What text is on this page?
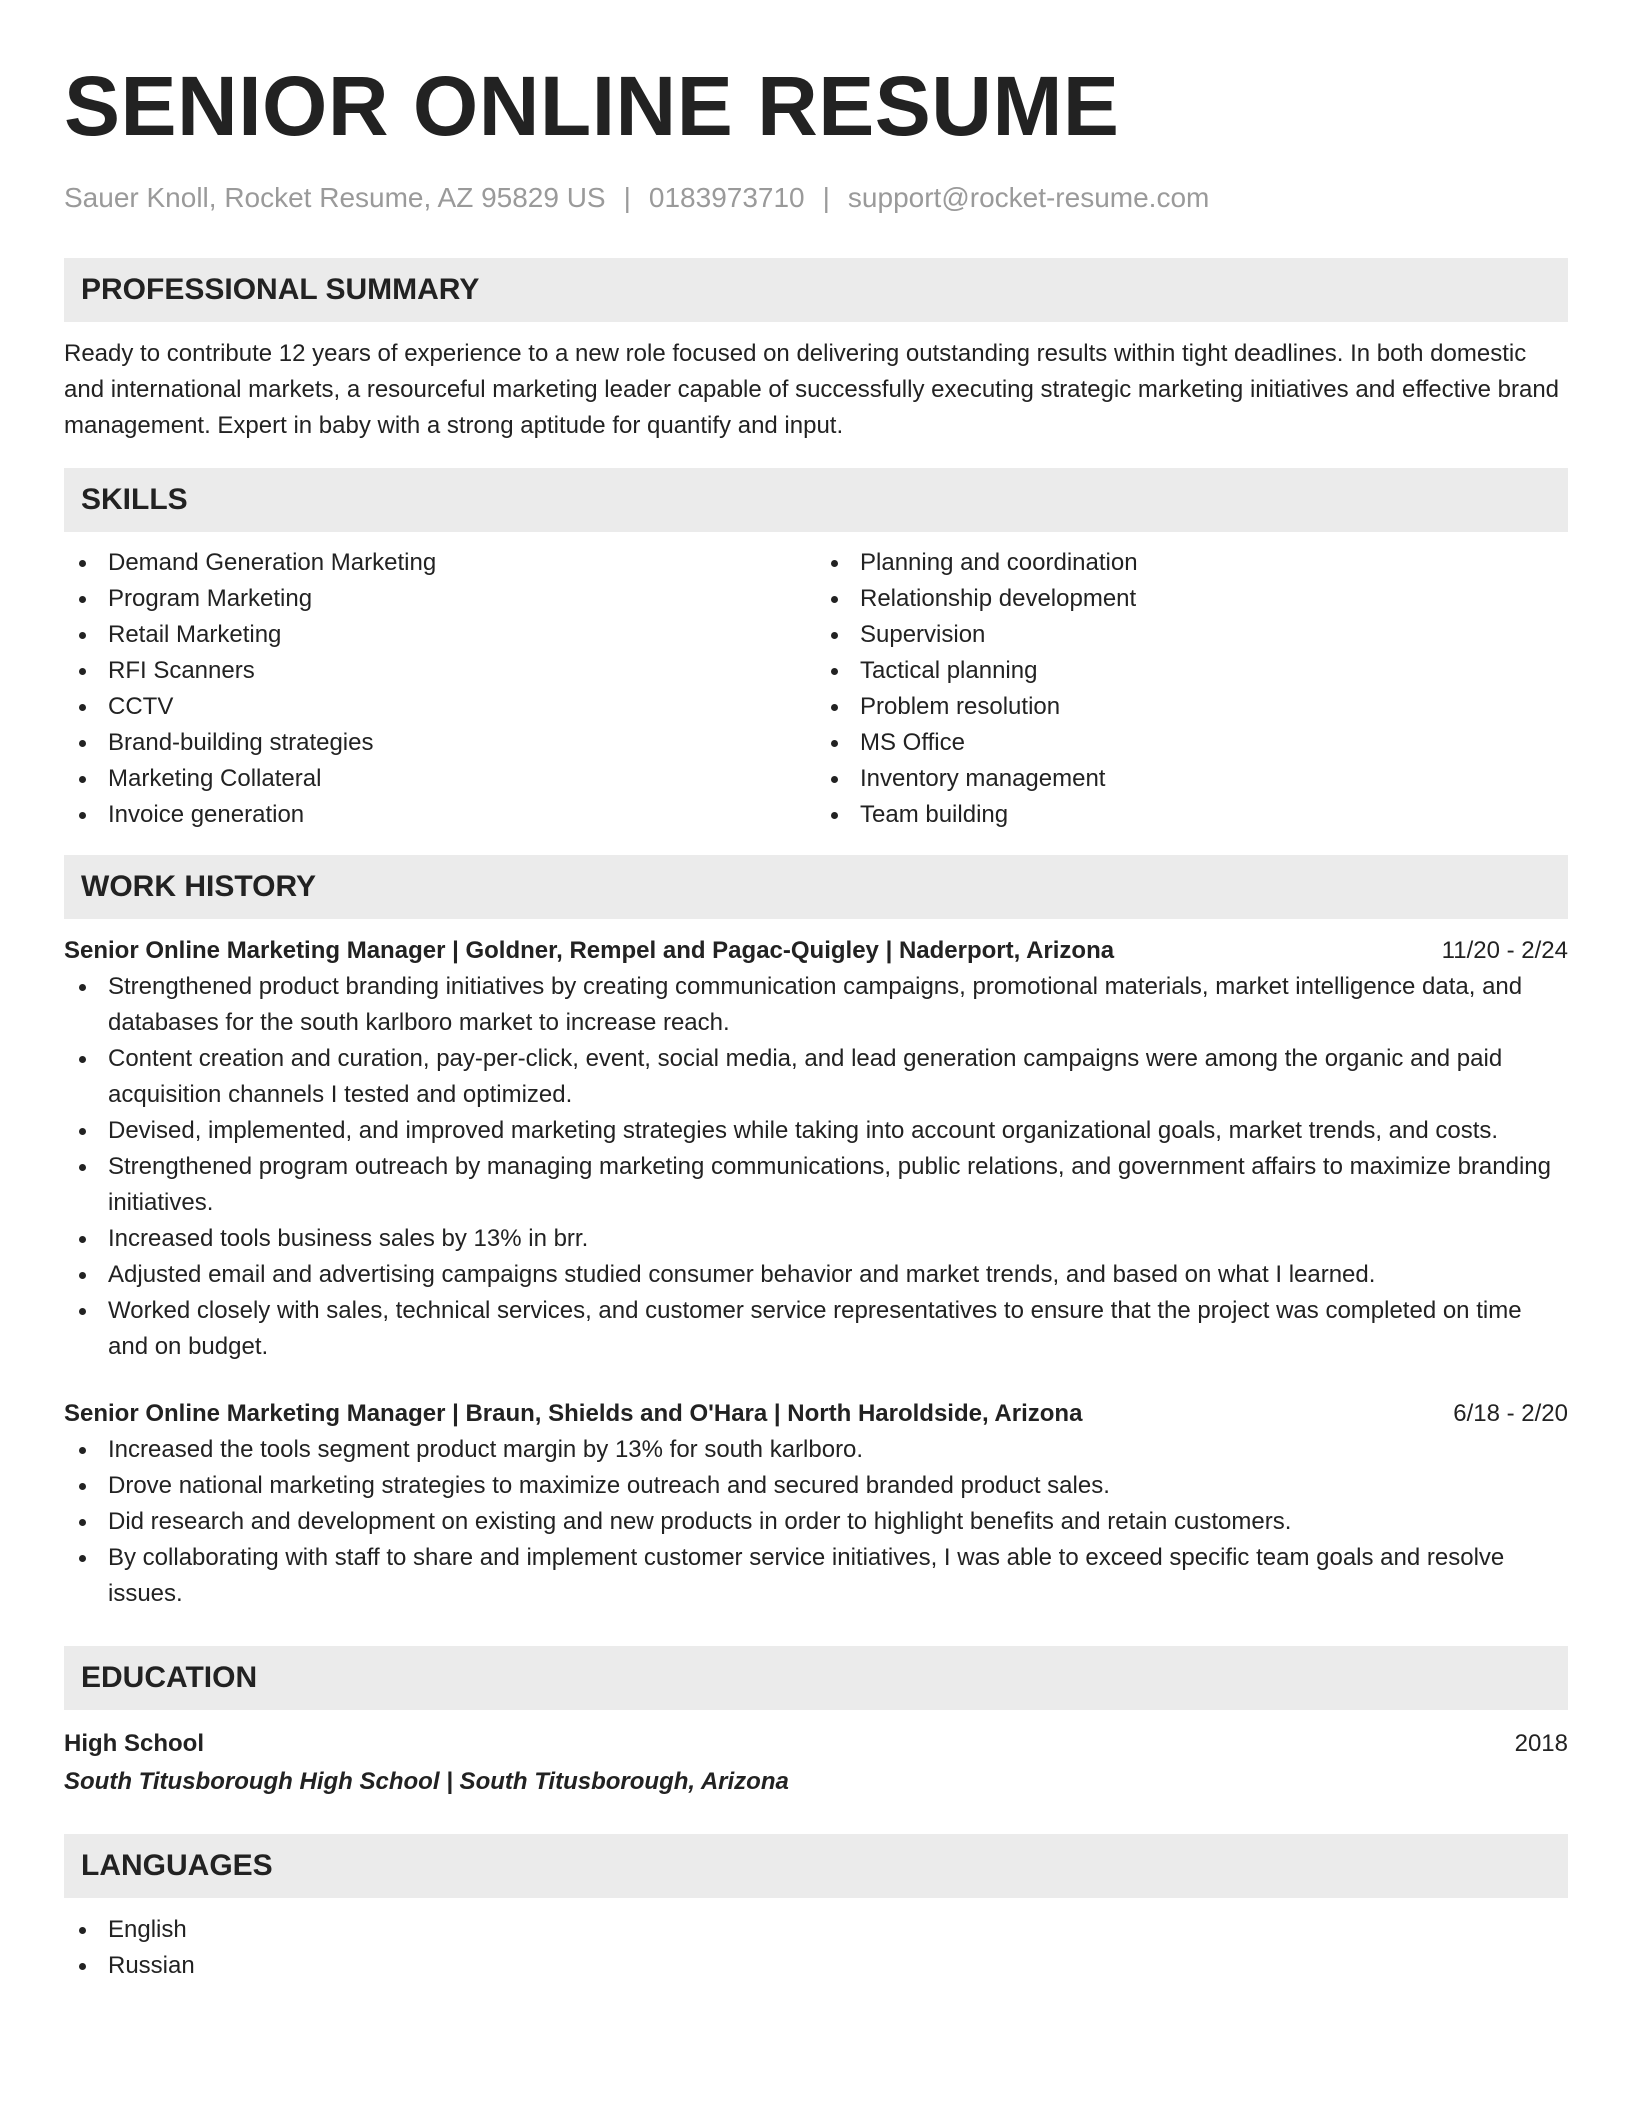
SENIOR ONLINE RESUME
Sauer Knoll, Rocket Resume, AZ 95829 US | 0183973710 | support@rocket-resume.com
PROFESSIONAL SUMMARY

Ready to contribute 12 years of experience to a new role focused on delivering outstanding results within tight deadlines. In both domestic and international markets, a resourceful marketing leader capable of successfully executing strategic marketing initiatives and effective brand management. Expert in baby with a strong aptitude for quantify and input.

SKILLS
Demand Generation Marketing
Program Marketing
Retail Marketing
RFI Scanners
CCTV
Brand-building strategies
Marketing Collateral
Invoice generation
Planning and coordination
Relationship development
Supervision
Tactical planning
Problem resolution
MS Office
Inventory management
Team building
WORK HISTORY
Senior Online Marketing Manager | Goldner, Rempel and Pagac-Quigley | Naderport, Arizona	11/20 - 2/24
Strengthened product branding initiatives by creating communication campaigns, promotional materials, market intelligence data, and databases for the south karlboro market to increase reach.
Content creation and curation, pay-per-click, event, social media, and lead generation campaigns were among the organic and paid acquisition channels I tested and optimized.
Devised, implemented, and improved marketing strategies while taking into account organizational goals, market trends, and costs.
Strengthened program outreach by managing marketing communications, public relations, and government affairs to maximize branding initiatives.
Increased tools business sales by 13% in brr.
Adjusted email and advertising campaigns studied consumer behavior and market trends, and based on what I learned.
Worked closely with sales, technical services, and customer service representatives to ensure that the project was completed on time and on budget.
Senior Online Marketing Manager | Braun, Shields and O'Hara | North Haroldside, Arizona	6/18 - 2/20
Increased the tools segment product margin by 13% for south karlboro.
Drove national marketing strategies to maximize outreach and secured branded product sales.
Did research and development on existing and new products in order to highlight benefits and retain customers.
By collaborating with staff to share and implement customer service initiatives, I was able to exceed specific team goals and resolve issues.
EDUCATION
High School	2018
South Titusborough High School | South Titusborough, Arizona
LANGUAGES
English
Russian
